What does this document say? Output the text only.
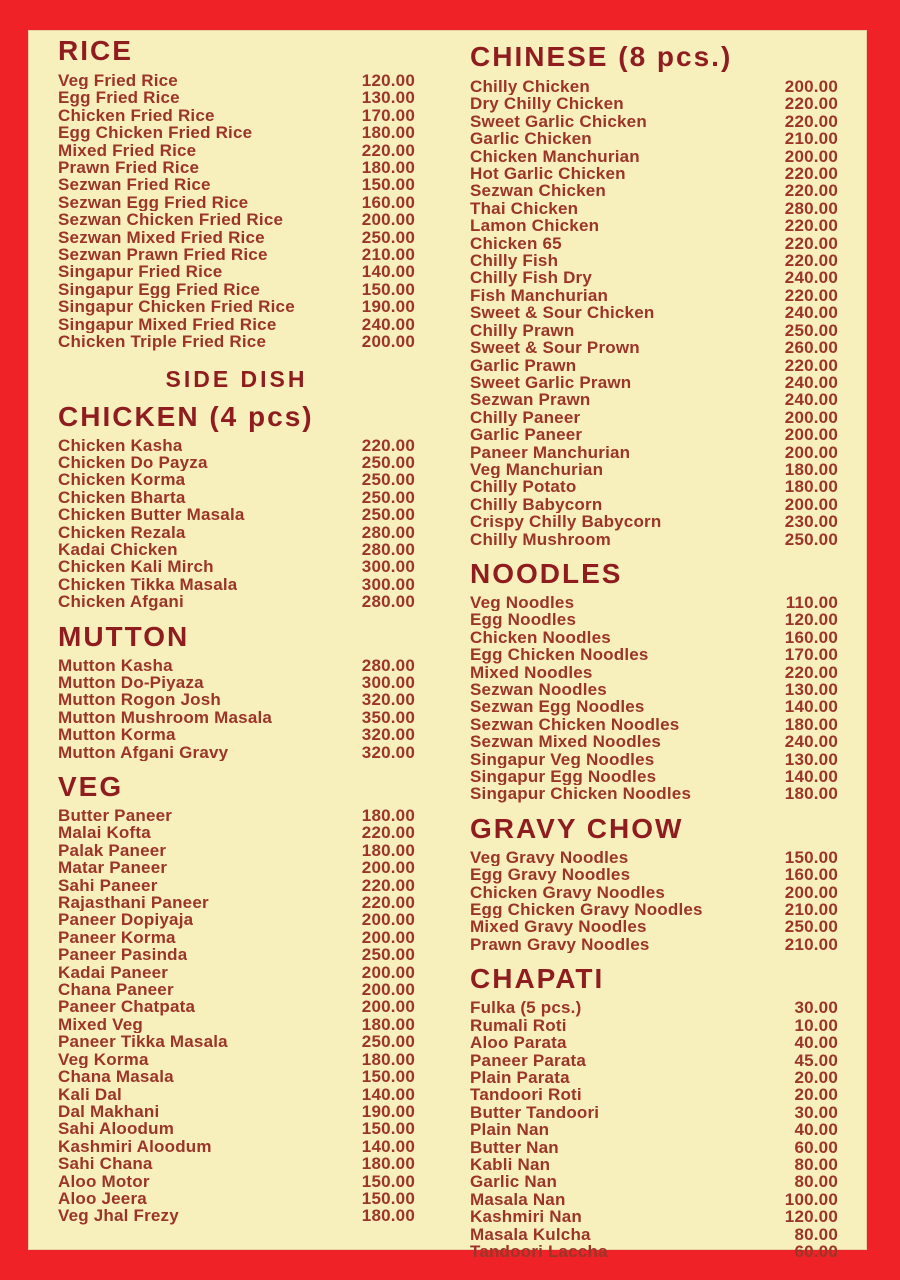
RICE
Veg Fried Rice	120.00
Egg Fried Rice	130.00
Chicken Fried Rice	170.00
Egg Chicken Fried Rice	180.00
Mixed Fried Rice	220.00
Prawn Fried Rice	180.00
Sezwan Fried Rice	150.00
Sezwan Egg Fried Rice	160.00
Sezwan Chicken Fried Rice	200.00
Sezwan Mixed Fried Rice	250.00
Sezwan Prawn Fried Rice	210.00
Singapur Fried Rice	140.00
Singapur Egg Fried Rice	150.00
Singapur Chicken Fried Rice	190.00
Singapur Mixed Fried Rice	240.00
Chicken Triple Fried Rice	200.00
SIDE DISH
CHICKEN (4 pcs)
Chicken Kasha	220.00
Chicken Do Payza	250.00
Chicken Korma	250.00
Chicken Bharta	250.00
Chicken Butter Masala	250.00
Chicken Rezala	280.00
Kadai Chicken	280.00
Chicken Kali Mirch	300.00
Chicken Tikka Masala	300.00
Chicken Afgani	280.00
MUTTON
Mutton Kasha	280.00
Mutton Do-Piyaza	300.00
Mutton Rogon Josh	320.00
Mutton Mushroom Masala	350.00
Mutton Korma	320.00
Mutton Afgani Gravy	320.00
VEG
Butter Paneer	180.00
Malai Kofta	220.00
Palak Paneer	180.00
Matar Paneer	200.00
Sahi Paneer	220.00
Rajasthani Paneer	220.00
Paneer Dopiyaja	200.00
Paneer Korma	200.00
Paneer Pasinda	250.00
Kadai Paneer	200.00
Chana Paneer	200.00
Paneer Chatpata	200.00
Mixed Veg	180.00
Paneer Tikka Masala	250.00
Veg Korma	180.00
Chana Masala	150.00
Kali Dal	140.00
Dal Makhani	190.00
Sahi Aloodum	150.00
Kashmiri Aloodum	140.00
Sahi Chana	180.00
Aloo Motor	150.00
Aloo Jeera	150.00
Veg Jhal Frezy	180.00
CHINESE (8 pcs.)
Chilly Chicken	200.00
Dry Chilly Chicken	220.00
Sweet Garlic Chicken	220.00
Garlic Chicken	210.00
Chicken Manchurian	200.00
Hot Garlic Chicken	220.00
Sezwan Chicken	220.00
Thai Chicken	280.00
Lamon Chicken	220.00
Chicken 65	220.00
Chilly Fish	220.00
Chilly Fish Dry	240.00
Fish Manchurian	220.00
Sweet & Sour Chicken	240.00
Chilly Prawn	250.00
Sweet & Sour Prown	260.00
Garlic Prawn	220.00
Sweet Garlic Prawn	240.00
Sezwan Prawn	240.00
Chilly Paneer	200.00
Garlic Paneer	200.00
Paneer Manchurian	200.00
Veg Manchurian	180.00
Chilly Potato	180.00
Chilly Babycorn	200.00
Crispy Chilly Babycorn	230.00
Chilly Mushroom	250.00
NOODLES
Veg Noodles	110.00
Egg Noodles	120.00
Chicken Noodles	160.00
Egg Chicken Noodles	170.00
Mixed Noodles	220.00
Sezwan Noodles	130.00
Sezwan Egg Noodles	140.00
Sezwan Chicken Noodles	180.00
Sezwan Mixed Noodles	240.00
Singapur Veg Noodles	130.00
Singapur Egg Noodles	140.00
Singapur Chicken Noodles	180.00
GRAVY CHOW
Veg Gravy Noodles	150.00
Egg Gravy Noodles	160.00
Chicken Gravy Noodles	200.00
Egg Chicken Gravy Noodles	210.00
Mixed Gravy Noodles	250.00
Prawn Gravy Noodles	210.00
CHAPATI
Fulka (5 pcs.)	30.00
Rumali Roti	10.00
Aloo Parata	40.00
Paneer Parata	45.00
Plain Parata	20.00
Tandoori Roti	20.00
Butter Tandoori	30.00
Plain Nan	40.00
Butter Nan	60.00
Kabli Nan	80.00
Garlic Nan	80.00
Masala Nan	100.00
Kashmiri Nan	120.00
Masala Kulcha	80.00
Tandoori Laccha	60.00
